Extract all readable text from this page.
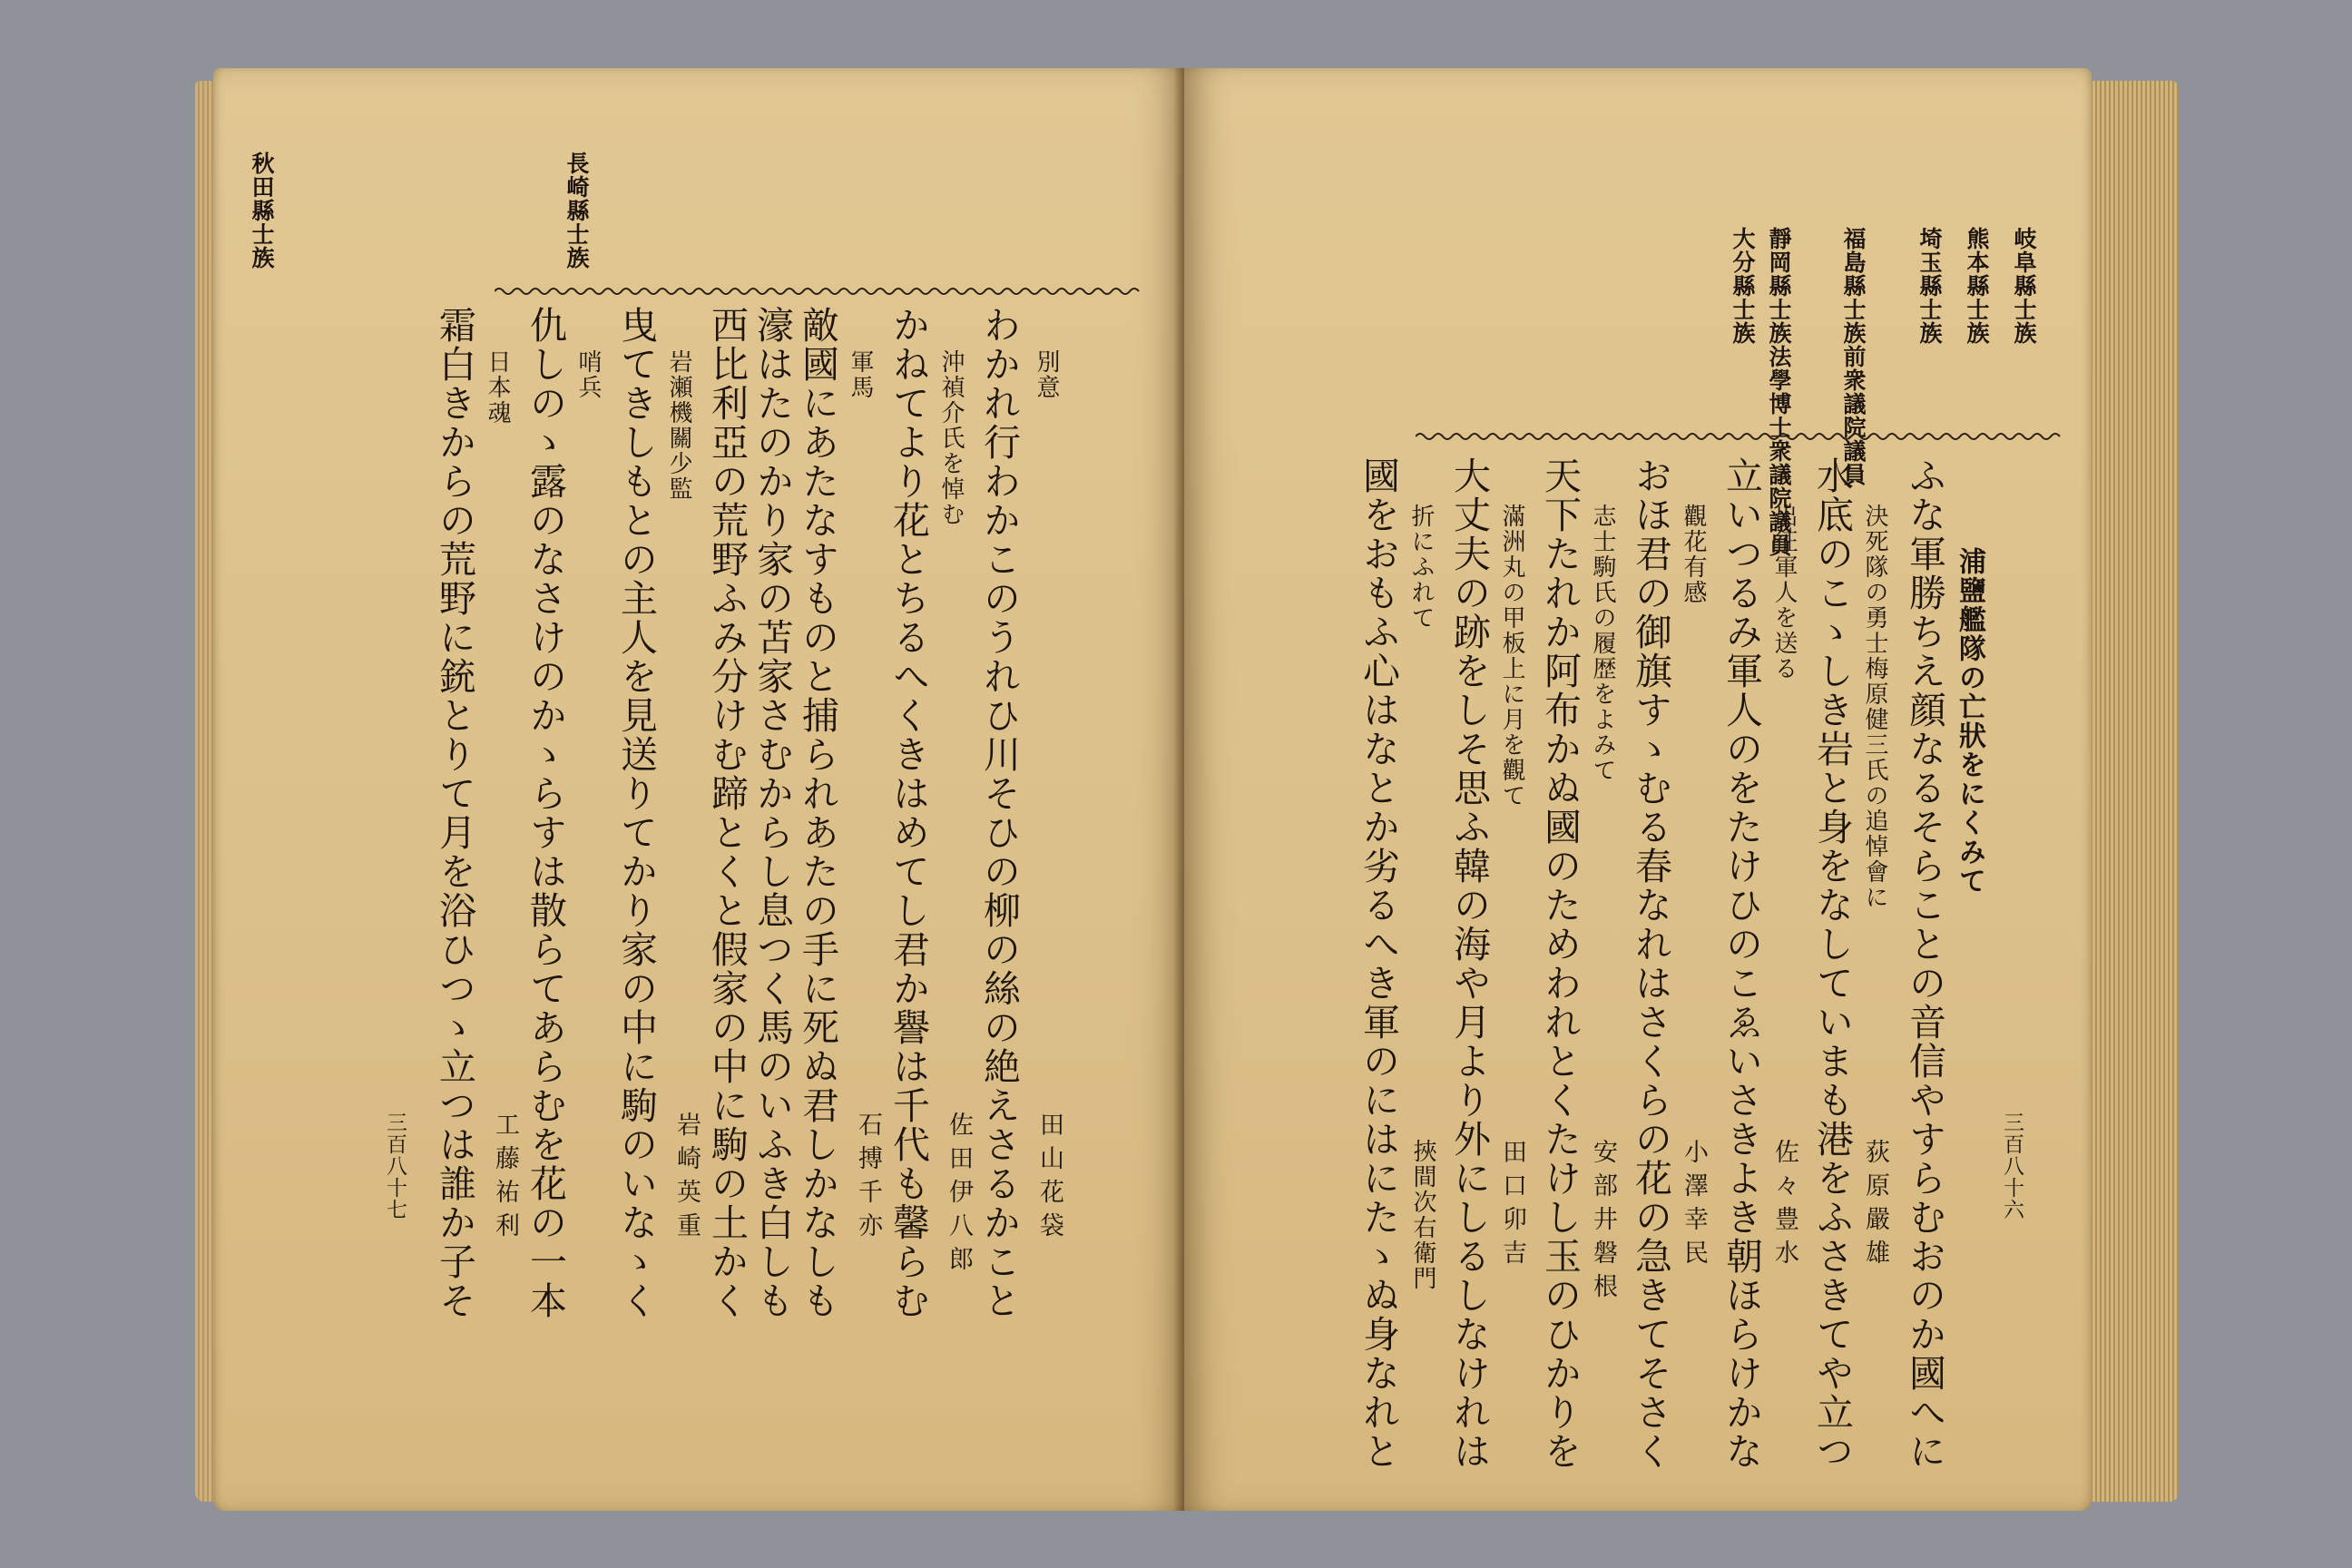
秋田縣士族	長崎縣士族
別意
わかれ行わかこのうれひ川そひの柳の絲の絶えさるかこと
沖禎介氏を悼む
かねてより花とちるへくきはめてし君か譽は千代も馨らむ
軍馬
敵國にあたなすものと捕られあたの手に死ぬ君しかなしも
濠はたのかり家の苫家さむからし息つく馬のいふき白しも
西比利亞の荒野ふみ分けむ蹄とくと假家の中に駒の土かく
岩瀬機關少監
曳てきしもとの主人を見送りてかり家の中に駒のいなゝく
哨兵
仇しのゝ露のなさけのかゝらすは散らてあらむを花の一本
日本魂
霜白きからの荒野に銃とりて月を浴ひつゝ立つは誰か子そ	田山花袋
佐田伊八郎
石搏千亦
岩崎英重
工藤祐利
三百八十七
岐阜縣士族
熊本縣士族
埼玉縣士族
福島縣士族前衆議院議員
靜岡縣士族法學博士衆議院議員
大分縣士族
浦鹽艦隊の亡狀をにくみて
ふな軍勝ちえ顔なるそらことの音信やすらむおのか國へに
決死隊の勇士梅原健三氏の追悼會に
水底のこゝしき岩と身をなしていまも港をふさきてや立つ
出征軍人を送る
立いつるみ軍人のをたけひのこゑいさきよき朝ほらけかな
觀花有感
おほ君の御旗すゝむる春なれはさくらの花の急きてそさく
志士駒氏の履歴をよみて
天下たれか阿布かぬ國のためわれとくたけし玉のひかりを
滿洲丸の甲板上に月を觀て
大丈夫の跡をしそ思ふ韓の海や月より外にしるしなけれは
折にふれて
國をおもふ心はなとか劣るへき軍のにはにたゝぬ身なれと	荻原嚴雄
佐々豊水
小澤幸民
安部井磐根
田口卯吉
挾間次右衛門	三百八十六
